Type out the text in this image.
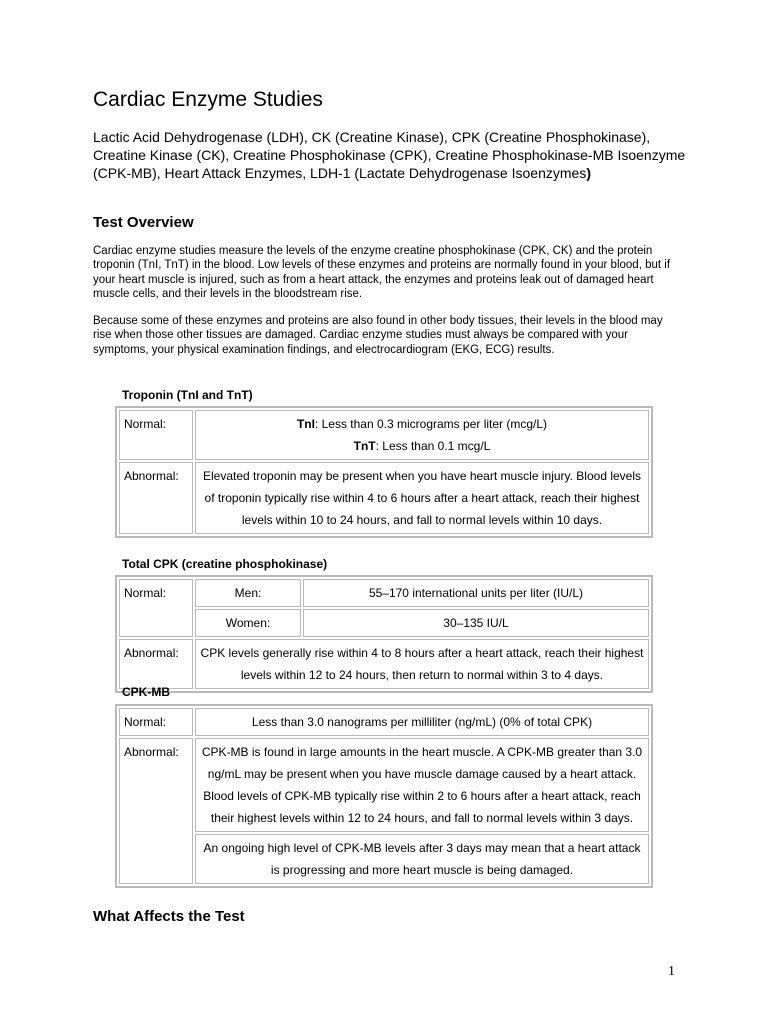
Cardiac Enzyme Studies

Lactic Acid Dehydrogenase (LDH), CK (Creatine Kinase), CPK (Creatine Phosphokinase), Creatine Kinase (CK), Creatine Phosphokinase (CPK), Creatine Phosphokinase-MB Isoenzyme (CPK-MB), Heart Attack Enzymes, LDH-1 (Lactate Dehydrogenase Isoenzymes)

Test Overview

Cardiac enzyme studies measure the levels of the enzyme creatine phosphokinase (CPK, CK) and the protein troponin (TnI, TnT) in the blood. Low levels of these enzymes and proteins are normally found in your blood, but if your heart muscle is injured, such as from a heart attack, the enzymes and proteins leak out of damaged heart muscle cells, and their levels in the bloodstream rise.

Because some of these enzymes and proteins are also found in other body tissues, their levels in the blood may rise when those other tissues are damaged. Cardiac enzyme studies must always be compared with your symptoms, your physical examination findings, and electrocardiogram (EKG, ECG) results.

Troponin (TnI and TnT)
Normal:	TnI: Less than 0.3 micrograms per liter (mcg/L)
TnT: Less than 0.1 mcg/L

Abnormal:	Elevated troponin may be present when you have heart muscle injury. Blood levels of troponin typically rise within 4 to 6 hours after a heart attack, reach their highest levels within 10 to 24 hours, and fall to normal levels within 10 days.
Total CPK (creatine phosphokinase)
Normal:	Men:	55–170 international units per liter (IU/L)
	Women:	30–135 IU/L
Abnormal:	CPK levels generally rise within 4 to 8 hours after a heart attack, reach their highest levels within 12 to 24 hours, then return to normal within 3 to 4 days.	
CPK-MB
Normal:	Less than 3.0 nanograms per milliliter (ng/mL) (0% of total CPK)
Abnormal:	CPK-MB is found in large amounts in the heart muscle. A CPK-MB greater than 3.0 ng/mL may be present when you have muscle damage caused by a heart attack. Blood levels of CPK-MB typically rise within 2 to 6 hours after a heart attack, reach their highest levels within 12 to 24 hours, and fall to normal levels within 3 days.
	An ongoing high level of CPK-MB levels after 3 days may mean that a heart attack is progressing and more heart muscle is being damaged.
What Affects the Test
1
